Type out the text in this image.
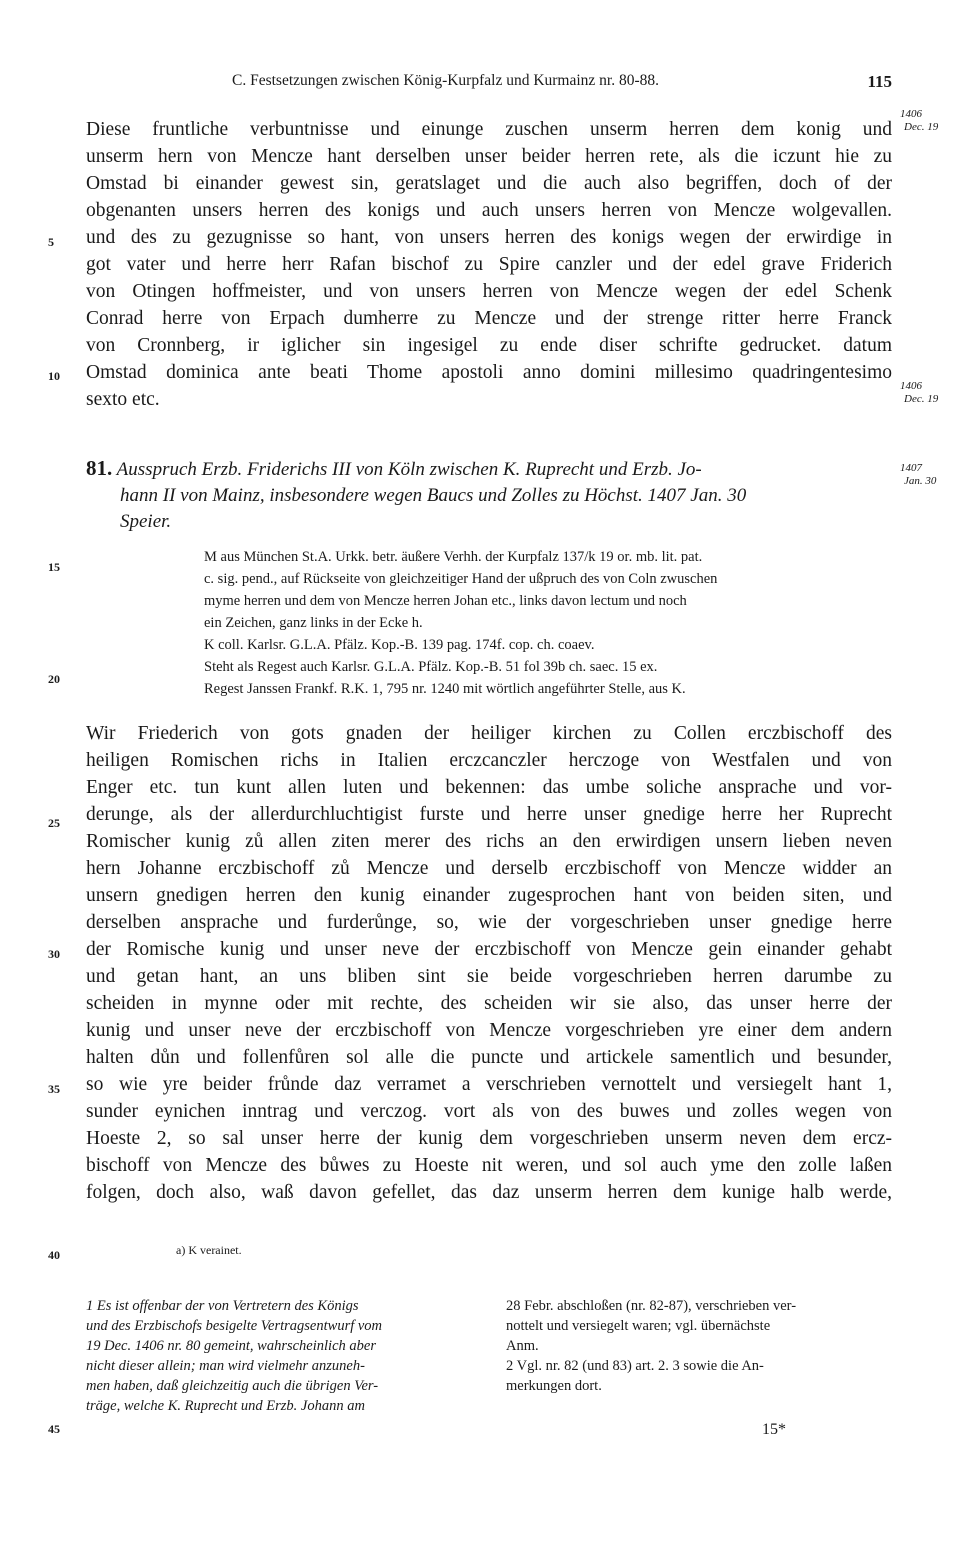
C. Festsetzungen zwischen König-Kurpfalz und Kurmainz nr. 80-88.	115
1406
Dec. 19
1406
Dec. 19
1407
Jan. 30
5
10
15
20
25
30
35
40
45
Diese fruntliche verbuntnisse und einunge zuschen unserm herren dem konig und
unserm hern von Mencze hant derselben unser beider herren rete, als die iczunt hie zu
Omstad bi einander gewest sin, geratslaget und die auch also begriffen, doch of der
obgenanten unsers herren des konigs und auch unsers herren von Mencze wolgevallen.
und des zu gezugnisse so hant, von unsers herren des konigs wegen der erwirdige in
got vater und herre herr Rafan bischof zu Spire canzler und der edel grave Friderich
von Otingen hoffmeister, und von unsers herren von Mencze wegen der edel Schenk
Conrad herre von Erpach dumherre zu Mencze und der strenge ritter herre Franck
von Cronnberg, ir iglicher sin ingesigel zu ende diser schrifte gedrucket. datum
Omstad dominica ante beati Thome apostoli anno domini millesimo quadringentesimo
sexto etc.
81. Ausspruch Erzb. Friderichs III von Köln zwischen K. Ruprecht und Erzb. Jo-
hann II von Mainz, insbesondere wegen Baucs und Zolles zu Höchst. 1407 Jan. 30
Speier.
M aus München St.A. Urkk. betr. äußere Verhh. der Kurpfalz 137/k 19 or. mb. lit. pat.
c. sig. pend., auf Rückseite von gleichzeitiger Hand der ußpruch des von Coln zwuschen
myme herren und dem von Mencze herren Johan etc., links davon lectum und noch
ein Zeichen, ganz links in der Ecke h.
K coll. Karlsr. G.L.A. Pfälz. Kop.-B. 139 pag. 174f. cop. ch. coaev.
Steht als Regest auch Karlsr. G.L.A. Pfälz. Kop.-B. 51 fol 39b ch. saec. 15 ex.
Regest Janssen Frankf. R.K. 1, 795 nr. 1240 mit wörtlich angeführter Stelle, aus K.
Wir Friederich von gots gnaden der heiliger kirchen zu Collen erczbischoff des
heiligen Romischen richs in Italien erczcanczler herczoge von Westfalen und von
Enger etc. tun kunt allen luten und bekennen: das umbe soliche ansprache und vor-
derunge, als der allerdurchluchtigist furste und herre unser gnedige herre her Ruprecht
Romischer kunig zů allen ziten merer des richs an den erwirdigen unsern lieben neven
hern Johanne erczbischoff zů Mencze und derselb erczbischoff von Mencze widder an
unsern gnedigen herren den kunig einander zugesprochen hant von beiden siten, und
derselben ansprache und furderůnge, so, wie der vorgeschrieben unser gnedige herre
der Romische kunig und unser neve der erczbischoff von Mencze gein einander gehabt
und getan hant, an uns bliben sint sie beide vorgeschrieben herren darumbe zu
scheiden in mynne oder mit rechte, des scheiden wir sie also, das unser herre der
kunig und unser neve der erczbischoff von Mencze vorgeschrieben yre einer dem andern
halten důn und follenfůren sol alle die puncte und artickele samentlich und besunder,
so wie yre beider frůnde daz verramet a verschrieben vernottelt und versiegelt hant 1,
sunder eynichen inntrag und verczog. vort als von des buwes und zolles wegen von
Hoeste 2, so sal unser herre der kunig dem vorgeschrieben unserm neven dem ercz-
bischoff von Mencze des bůwes zu Hoeste nit weren, und sol auch yme den zolle laßen
folgen, doch also, waß davon gefellet, das daz unserm herren dem kunige halb werde,
a) K verainet.
1 Es ist offenbar der von Vertretern des Königs
und des Erzbischofs besigelte Vertragsentwurf vom
19 Dec. 1406 nr. 80 gemeint, wahrscheinlich aber
nicht dieser allein; man wird vielmehr anzuneh-
men haben, daß gleichzeitig auch die übrigen Ver-
träge, welche K. Ruprecht und Erzb. Johann am
28 Febr. abschloßen (nr. 82-87), verschrieben ver-
nottelt und versiegelt waren; vgl. übernächste
Anm.
2 Vgl. nr. 82 (und 83) art. 2. 3 sowie die An-
merkungen dort.
15*
